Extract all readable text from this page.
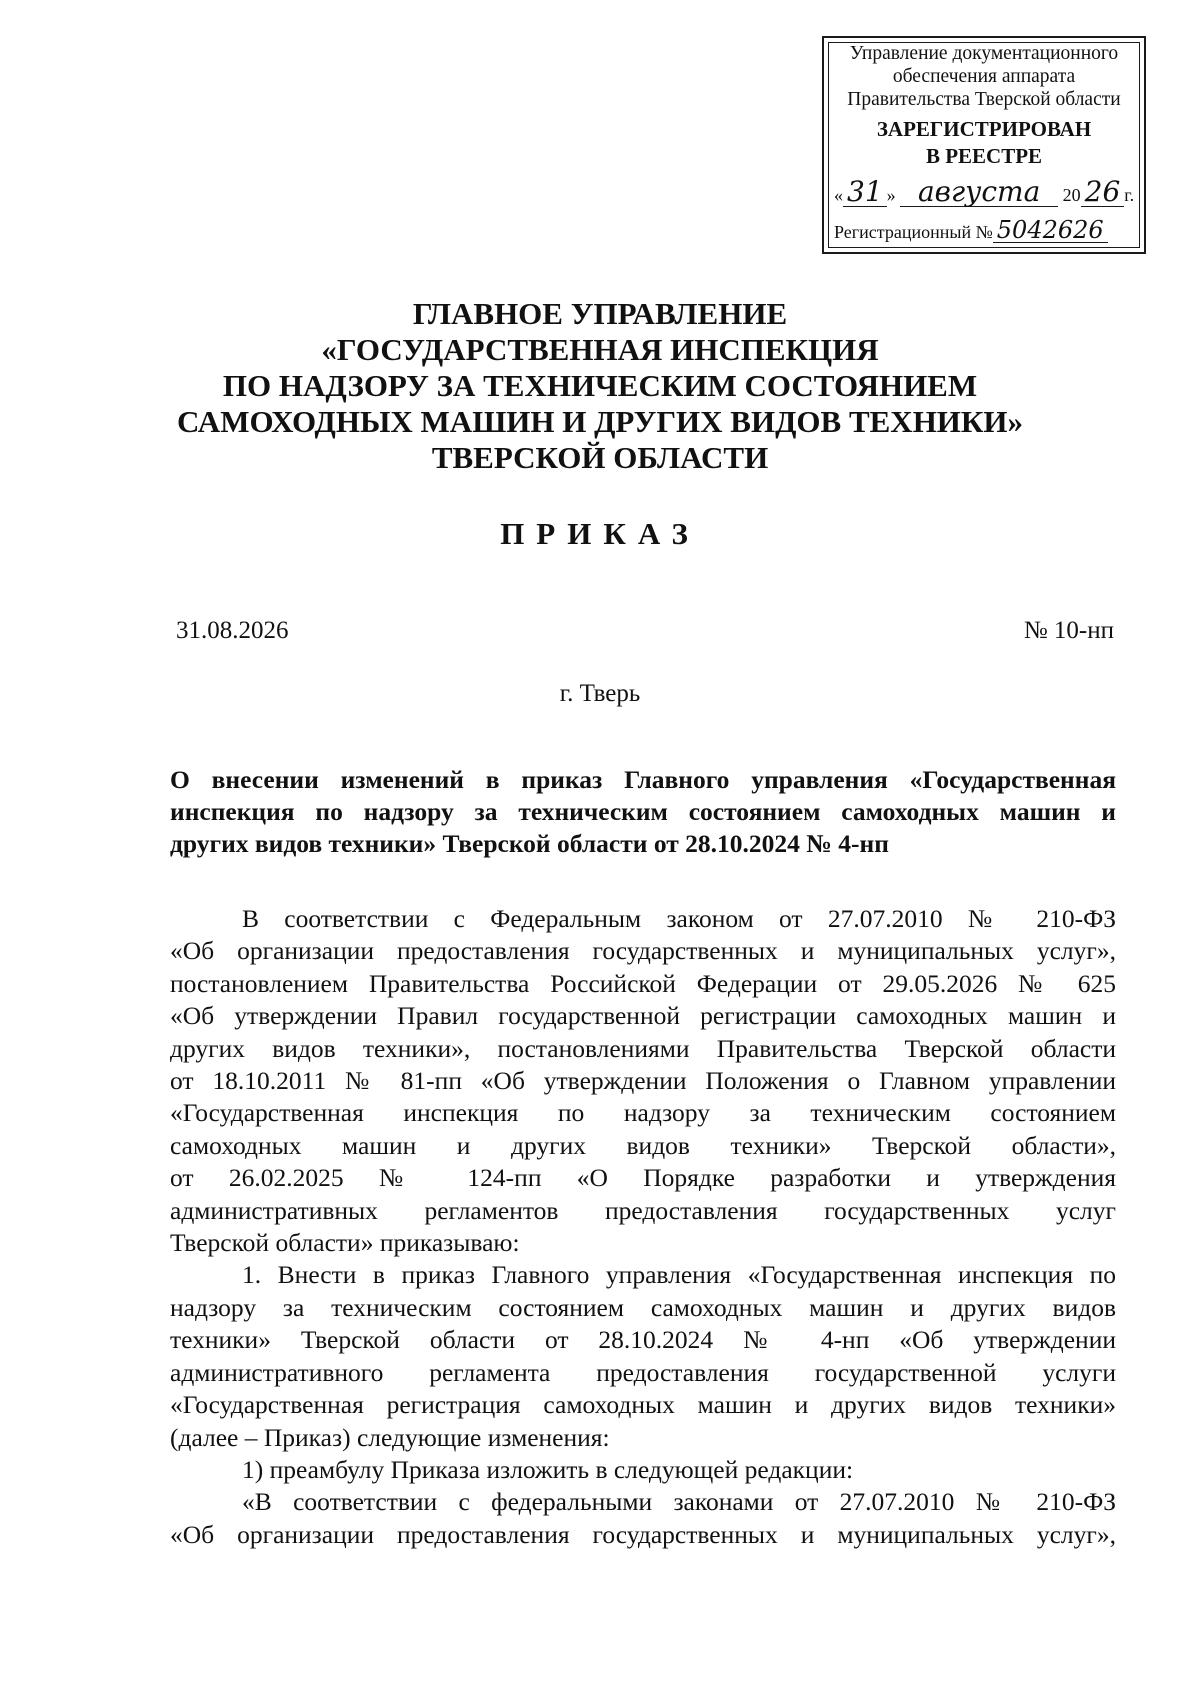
Управление документационного
обеспечения аппарата
Правительства Тверской области
ЗАРЕГИСТРИРОВАН
В РЕЕСТРЕ
« 31 » августа 20 26 г.
Регистрационный № 5042626
ГЛАВНОЕ УПРАВЛЕНИЕ
«ГОСУДАРСТВЕННАЯ ИНСПЕКЦИЯ
ПО НАДЗОРУ ЗА ТЕХНИЧЕСКИМ СОСТОЯНИЕМ
САМОХОДНЫХ МАШИН И ДРУГИХ ВИДОВ ТЕХНИКИ»
ТВЕРСКОЙ ОБЛАСТИ
ПРИКАЗ
31.08.2026	№ 10-нп
г. Тверь
О внесении изменений в приказ Главного управления «Государственная
инспекция по надзору за техническим состоянием самоходных машин и
других видов техники» Тверской области от 28.10.2024 № 4-нп
В соответствии с Федеральным законом от 27.07.2010 № 210-ФЗ
«Об организации предоставления государственных и муниципальных услуг»,
постановлением Правительства Российской Федерации от 29.05.2026 № 625
«Об утверждении Правил государственной регистрации самоходных машин и
других видов техники», постановлениями Правительства Тверской области
от 18.10.2011 № 81-пп «Об утверждении Положения о Главном управлении
«Государственная инспекция по надзору за техническим состоянием
самоходных машин и других видов техники» Тверской области»,
от 26.02.2025 № 124-пп «О Порядке разработки и утверждения
административных регламентов предоставления государственных услуг
Тверской области» приказываю:
1. Внести в приказ Главного управления «Государственная инспекция по
надзору за техническим состоянием самоходных машин и других видов
техники» Тверской области от 28.10.2024 № 4-нп «Об утверждении
административного регламента предоставления государственной услуги
«Государственная регистрация самоходных машин и других видов техники»
(далее – Приказ) следующие изменения:
1) преамбулу Приказа изложить в следующей редакции:
«В соответствии с федеральными законами от 27.07.2010 № 210-ФЗ
«Об организации предоставления государственных и муниципальных услуг»,
